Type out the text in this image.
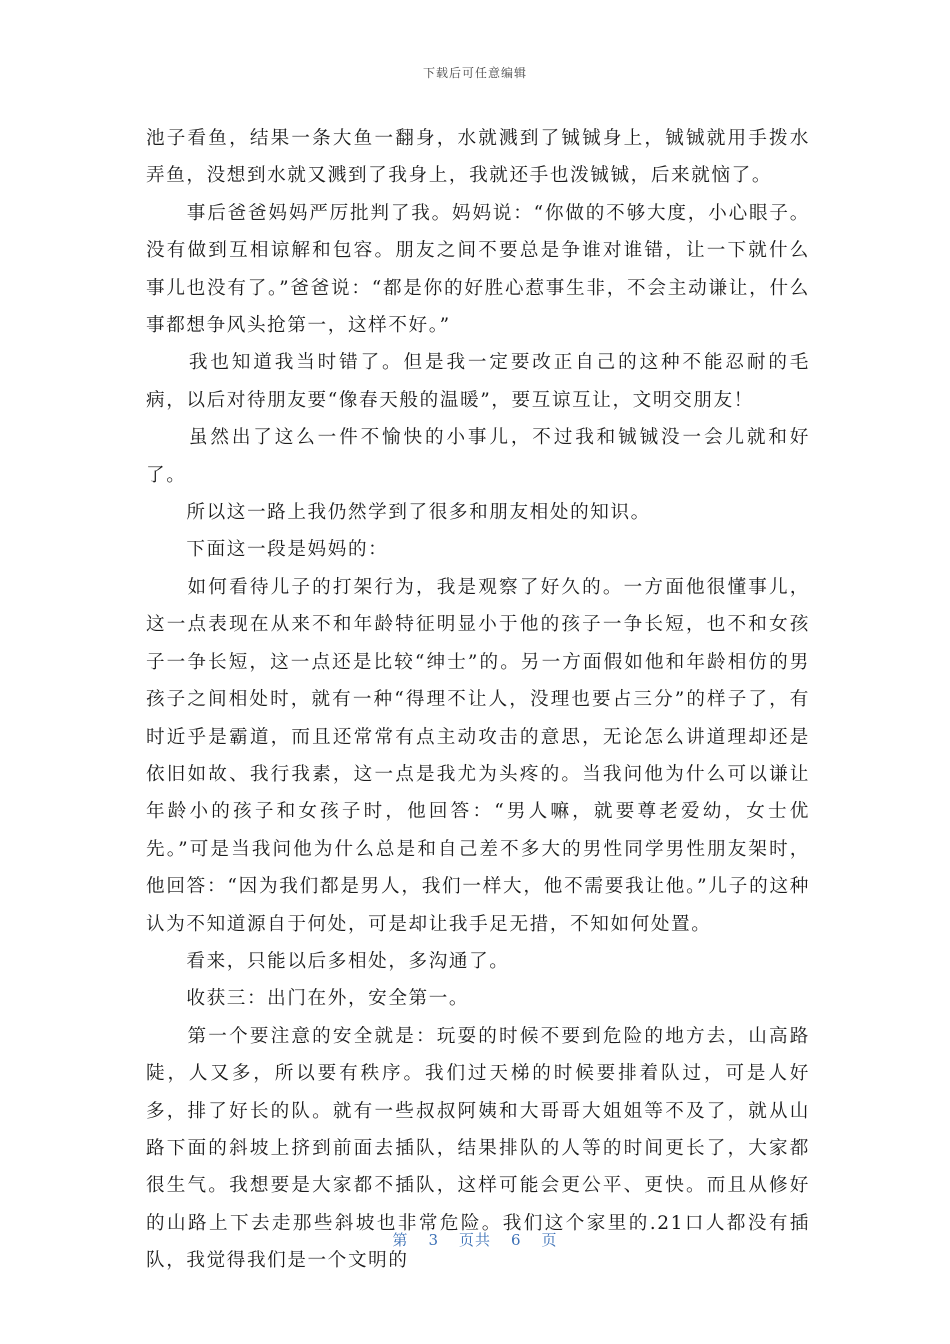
下载后可任意编辑

池子看鱼，结果一条大鱼一翻身，水就溅到了铖铖身上，铖铖就用手拨水弄鱼，没想到水就又溅到了我身上，我就还手也泼铖铖，后来就恼了。

　　事后爸爸妈妈严厉批判了我。妈妈说：“你做的不够大度，小心眼子。没有做到互相谅解和包容。朋友之间不要总是争谁对谁错，让一下就什么事儿也没有了。”爸爸说：“都是你的好胜心惹事生非，不会主动谦让，什么事都想争风头抢第一，这样不好。”

　　我也知道我当时错了。但是我一定要改正自己的这种不能忍耐的毛病，以后对待朋友要“像春天般的温暖”，要互谅互让，文明交朋友！

　　虽然出了这么一件不愉快的小事儿，不过我和铖铖没一会儿就和好了。

　　所以这一路上我仍然学到了很多和朋友相处的知识。

　　下面这一段是妈妈的：

　　如何看待儿子的打架行为，我是观察了好久的。一方面他很懂事儿，这一点表现在从来不和年龄特征明显小于他的孩子一争长短，也不和女孩子一争长短，这一点还是比较“绅士”的。另一方面假如他和年龄相仿的男孩子之间相处时，就有一种“得理不让人，没理也要占三分”的样子了，有时近乎是霸道，而且还常常有点主动攻击的意思，无论怎么讲道理却还是依旧如故、我行我素，这一点是我尤为头疼的。当我问他为什么可以谦让年龄小的孩子和女孩子时，他回答：“男人嘛，就要尊老爱幼，女士优先。”可是当我问他为什么总是和自己差不多大的男性同学男性朋友架时，他回答：“因为我们都是男人，我们一样大，他不需要我让他。”儿子的这种认为不知道源自于何处，可是却让我手足无措，不知如何处置。

　　看来，只能以后多相处，多沟通了。

　　收获三：出门在外，安全第一。

　　第一个要注意的安全就是：玩耍的时候不要到危险的地方去，山高路陡，人又多，所以要有秩序。我们过天梯的时候要排着队过，可是人好多，排了好长的队。就有一些叔叔阿姨和大哥哥大姐姐等不及了，就从山路下面的斜坡上挤到前面去插队，结果排队的人等的时间更长了，大家都很生气。我想要是大家都不插队，这样可能会更公平、更快。而且从修好的山路上下去走那些斜坡也非常危险。我们这个家里的.21口人都没有插队，我觉得我们是一个文明的

第 3 页共 6 页
